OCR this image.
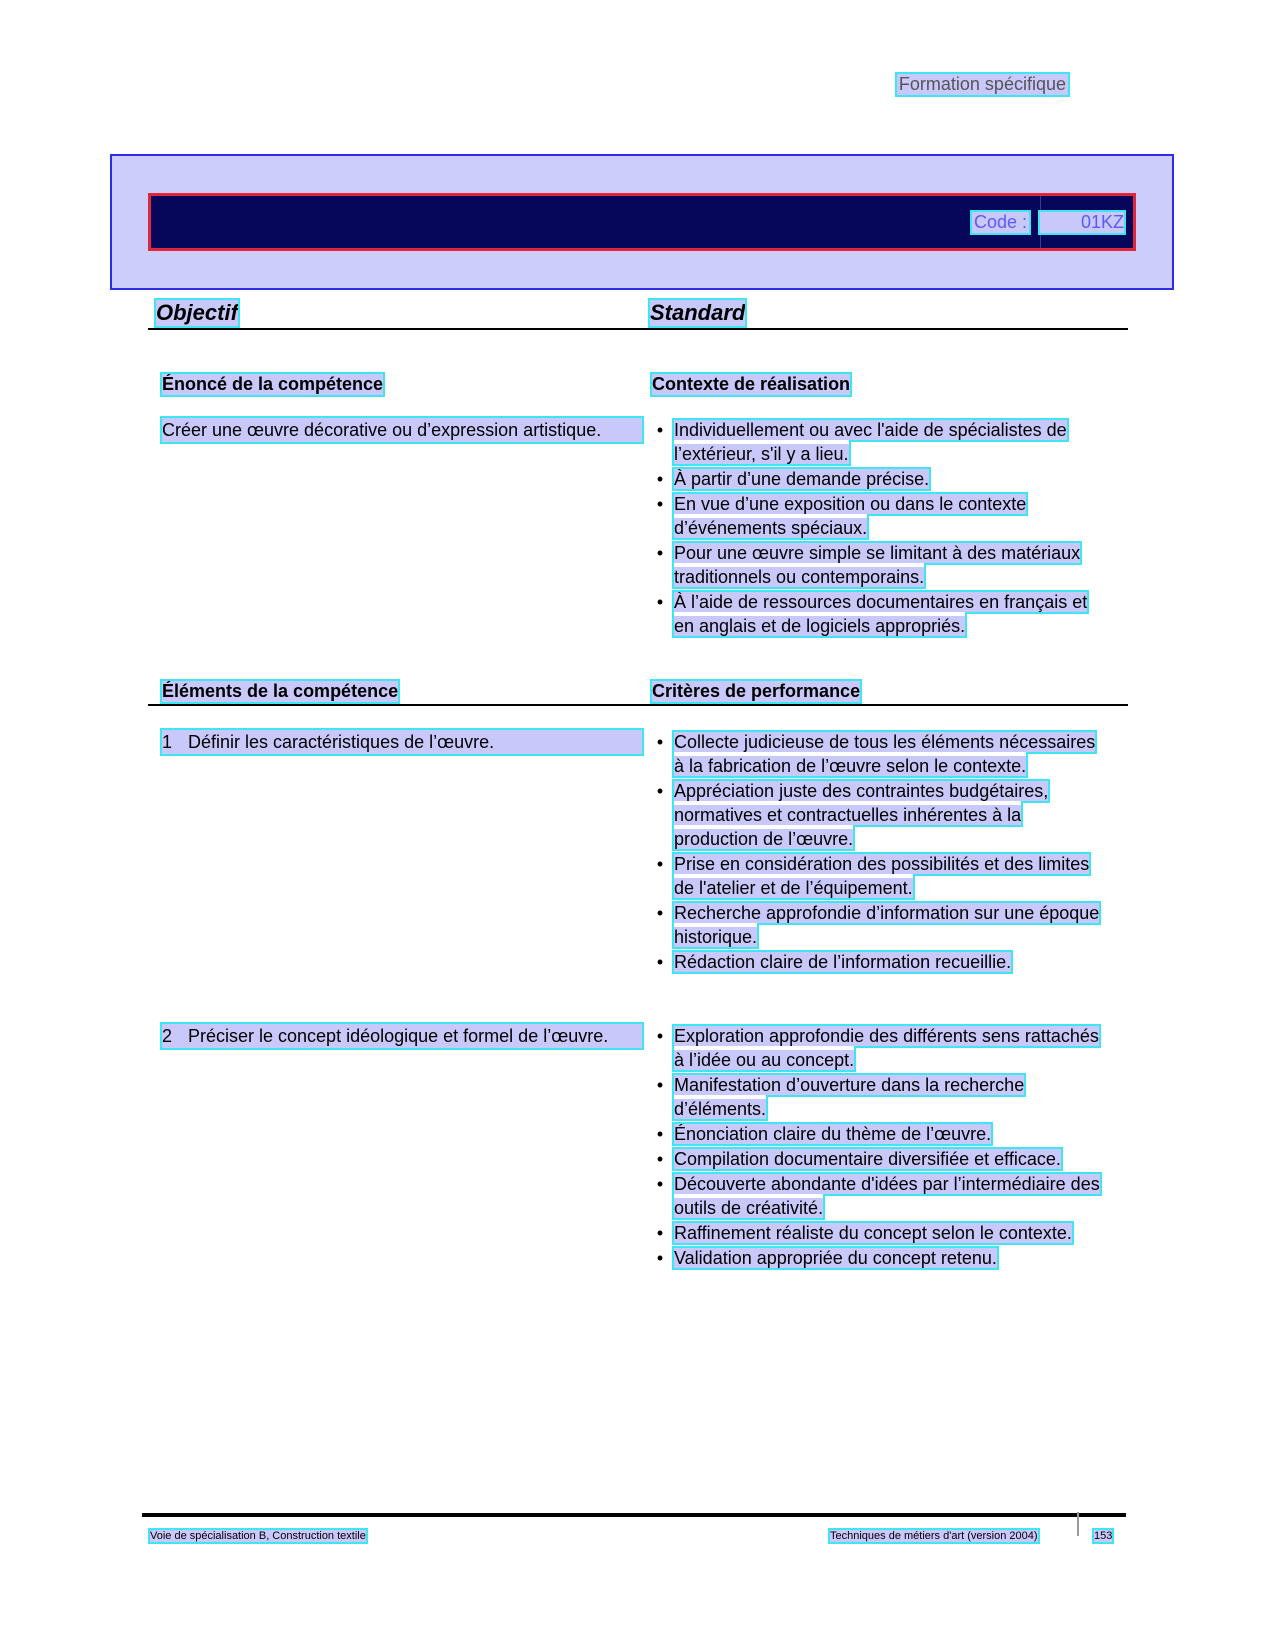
Formation spécifique
Code :	01KZ
Objectif	Standard
Énoncé de la compétence	Contexte de réalisation
Créer une œuvre décorative ou d’expression artistique.	• Individuellement ou avec l'aide de spécialistes de l’extérieur, s'il y a lieu.
• À partir d’une demande précise.
• En vue d’une exposition ou dans le contexte d’événements spéciaux.
• Pour une œuvre simple se limitant à des matériaux traditionnels ou contemporains.
• À l’aide de ressources documentaires en français et en anglais et de logiciels appropriés.
Éléments de la compétence	Critères de performance
1 Définir les caractéristiques de l’œuvre.	• Collecte judicieuse de tous les éléments nécessaires à la fabrication de l’œuvre selon le contexte.
• Appréciation juste des contraintes budgétaires, normatives et contractuelles inhérentes à la production de l’œuvre.
• Prise en considération des possibilités et des limites de l'atelier et de l’équipement.
• Recherche approfondie d’information sur une époque historique.
• Rédaction claire de l’information recueillie.
2 Préciser le concept idéologique et formel de l’œuvre.	• Exploration approfondie des différents sens rattachés à l’idée ou au concept.
• Manifestation d’ouverture dans la recherche d’éléments.
• Énonciation claire du thème de l’œuvre.
• Compilation documentaire diversifiée et efficace.
• Découverte abondante d'idées par l’intermédiaire des outils de créativité.
• Raffinement réaliste du concept selon le contexte.
• Validation appropriée du concept retenu.
Voie de spécialisation B, Construction textile	Techniques de métiers d'art (version 2004)	153
